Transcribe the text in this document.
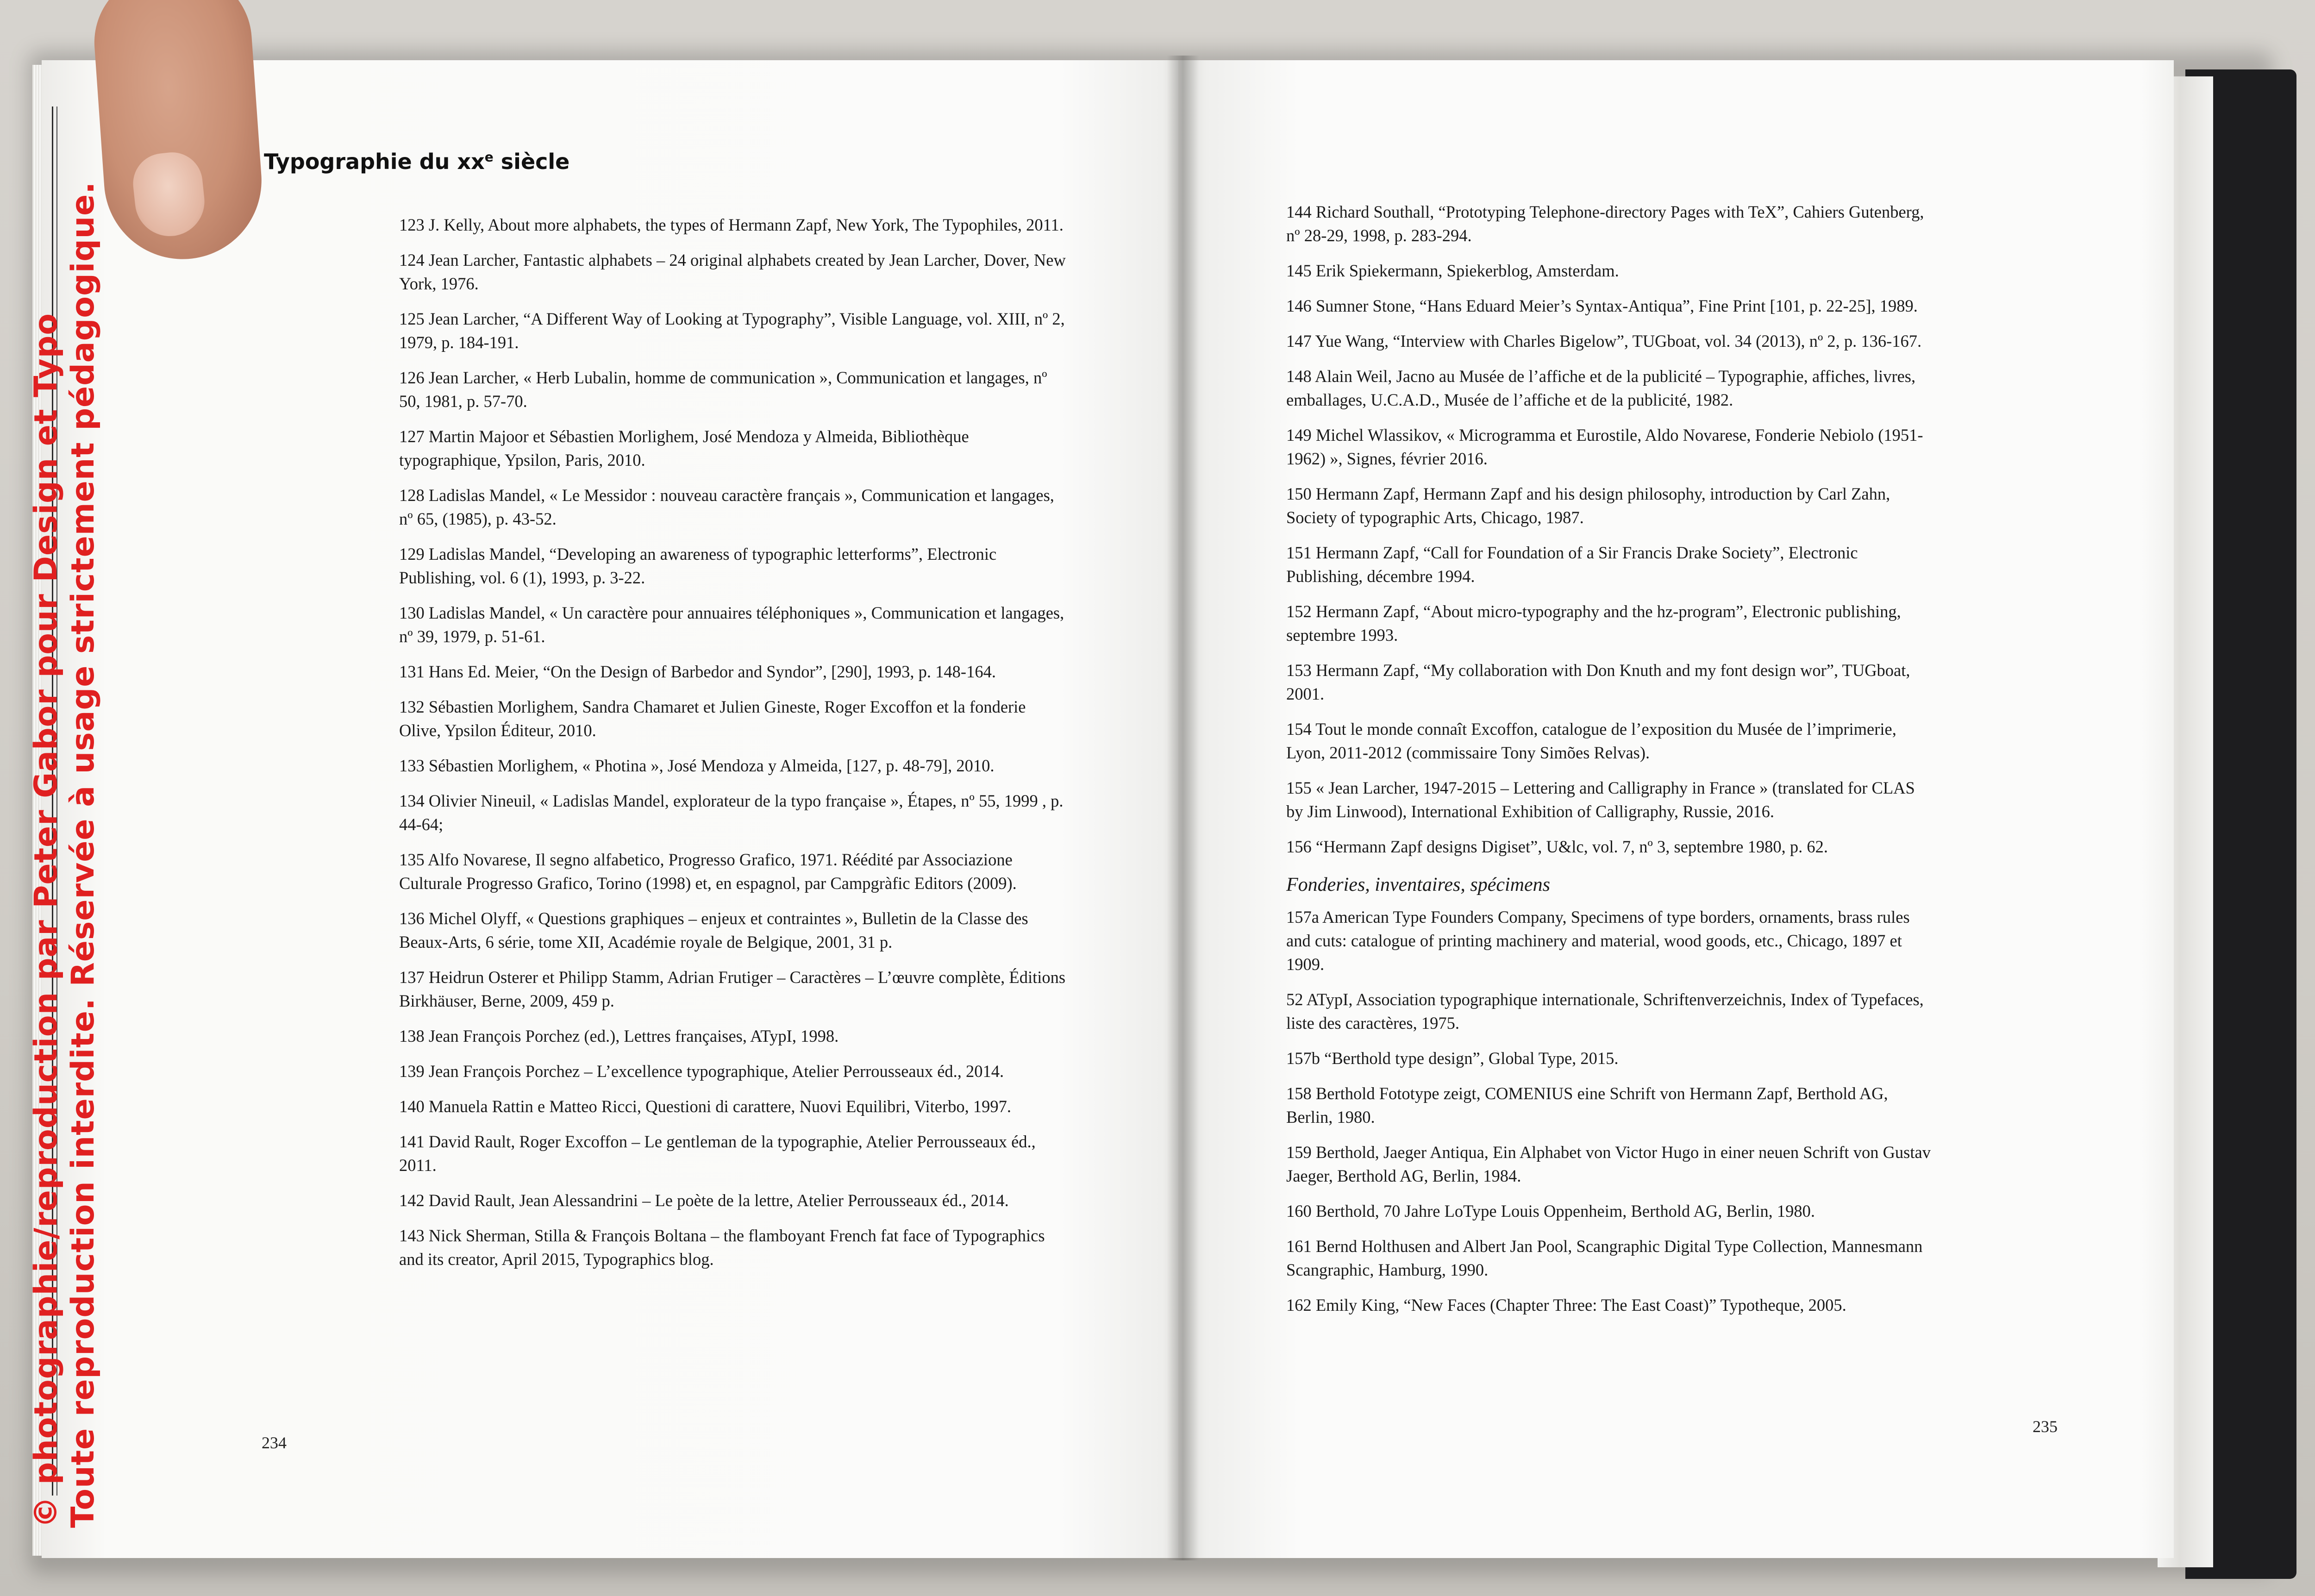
Typographie du $xx^e$ siècle
123 J. Kelly, About more alphabets, the types of Hermann Zapf, New York, The Typophiles, 2011.
124 Jean Larcher, Fantastic alphabets – 24 original alphabets created by Jean Larcher, Dover, New York, 1976.
125 Jean Larcher, “A Different Way of Looking at Typography”, Visible Language, vol. XIII, nº 2, 1979, p. 184-191.
126 Jean Larcher, « Herb Lubalin, homme de communication », Communication et langages, nº 50, 1981, p. 57-70.
127 Martin Majoor et Sébastien Morlighem, José Mendoza y Almeida, Bibliothèque typographique, Ypsilon, Paris, 2010.
128 Ladislas Mandel, « Le Messidor : nouveau caractère français », Communication et langages, nº 65, (1985), p. 43-52.
129 Ladislas Mandel, “Developing an awareness of typographic letterforms”, Electronic Publishing, vol. 6 (1), 1993, p. 3-22.
130 Ladislas Mandel, « Un caractère pour annuaires téléphoniques », Communication et langages, nº 39, 1979, p. 51-61.
131 Hans Ed. Meier, “On the Design of Barbedor and Syndor”, [290], 1993, p. 148-164.
132 Sébastien Morlighem, Sandra Chamaret et Julien Gineste, Roger Excoffon et la fonderie Olive, Ypsilon Éditeur, 2010.
133 Sébastien Morlighem, « Photina », José Mendoza y Almeida, [127, p. 48-79], 2010.
134 Olivier Nineuil, « Ladislas Mandel, explorateur de la typo française », Étapes, nº 55, 1999 , p. 44-64;
135 Alfo Novarese, Il segno alfabetico, Progresso Grafico, 1971. Réédité par Associazione Culturale Progresso Grafico, Torino (1998) et, en espagnol, par Campgràfic Editors (2009).
136 Michel Olyff, « Questions graphiques – enjeux et contraintes », Bulletin de la Classe des Beaux-Arts, 6 série, tome XII, Académie royale de Belgique, 2001, 31 p.
137 Heidrun Osterer et Philipp Stamm, Adrian Frutiger – Caractères – L’œuvre complète, Éditions Birkhäuser, Berne, 2009, 459 p.
138 Jean François Porchez (ed.), Lettres françaises, ATypI, 1998.
139 Jean François Porchez – L’excellence typographique, Atelier Perrousseaux éd., 2014.
140 Manuela Rattin e Matteo Ricci, Questioni di carattere, Nuovi Equilibri, Viterbo, 1997.
141 David Rault, Roger Excoffon – Le gentleman de la typographie, Atelier Perrousseaux éd., 2011.
142 David Rault, Jean Alessandrini – Le poète de la lettre, Atelier Perrousseaux éd., 2014.
143 Nick Sherman, Stilla & François Boltana – the flamboyant French fat face of Typographics and its creator, April 2015, Typographics blog.
144 Richard Southall, “Prototyping Telephone-directory Pages with TeX”, Cahiers Gutenberg, nº 28-29, 1998, p. 283-294.
145 Erik Spiekermann, Spiekerblog, Amsterdam.
146 Sumner Stone, “Hans Eduard Meier’s Syntax-Antiqua”, Fine Print [101, p. 22-25], 1989.
147 Yue Wang, “Interview with Charles Bigelow”, TUGboat, vol. 34 (2013), nº 2, p. 136-167.
148 Alain Weil, Jacno au Musée de l’affiche et de la publicité – Typographie, affiches, livres, emballages, U.C.A.D., Musée de l’affiche et de la publicité, 1982.
149 Michel Wlassikov, « Microgramma et Eurostile, Aldo Novarese, Fonderie Nebiolo (1951-1962) », Signes, février 2016.
150 Hermann Zapf, Hermann Zapf and his design philosophy, introduction by Carl Zahn, Society of typographic Arts, Chicago, 1987.
151 Hermann Zapf, “Call for Foundation of a Sir Francis Drake Society”, Electronic Publishing, décembre 1994.
152 Hermann Zapf, “About micro-typography and the hz-program”, Electronic publishing, septembre 1993.
153 Hermann Zapf, “My collaboration with Don Knuth and my font design wor”, TUGboat, 2001.
154 Tout le monde connaît Excoffon, catalogue de l’exposition du Musée de l’imprimerie, Lyon, 2011-2012 (commissaire Tony Simões Relvas).
155 « Jean Larcher, 1947-2015 – Lettering and Calligraphy in France » (translated for CLAS by Jim Linwood), International Exhibition of Calligraphy, Russie, 2016.
156 “Hermann Zapf designs Digiset”, U&lc, vol. 7, nº 3, septembre 1980, p. 62.
Fonderies, inventaires, spécimens
157a American Type Founders Company, Specimens of type borders, ornaments, brass rules and cuts: catalogue of printing machinery and material, wood goods, etc., Chicago, 1897 et 1909.
52 ATypI, Association typographique internationale, Schriftenverzeichnis, Index of Typefaces, liste des caractères, 1975.
157b “Berthold type design”, Global Type, 2015.
158 Berthold Fototype zeigt, COMENIUS eine Schrift von Hermann Zapf, Berthold AG, Berlin, 1980.
159 Berthold, Jaeger Antiqua, Ein Alphabet von Victor Hugo in einer neuen Schrift von Gustav Jaeger, Berthold AG, Berlin, 1984.
160 Berthold, 70 Jahre LoType Louis Oppenheim, Berthold AG, Berlin, 1980.
161 Bernd Holthusen and Albert Jan Pool, Scangraphic Digital Type Collection, Mannesmann Scangraphic, Hamburg, 1990.
162 Emily King, “New Faces (Chapter Three: The East Coast)” Typotheque, 2005.
234
235
© photographie/reproduction par Peter Gabor pour Design et Typo Toute reproduction interdite. Réservée à usage strictement pédagogique.
